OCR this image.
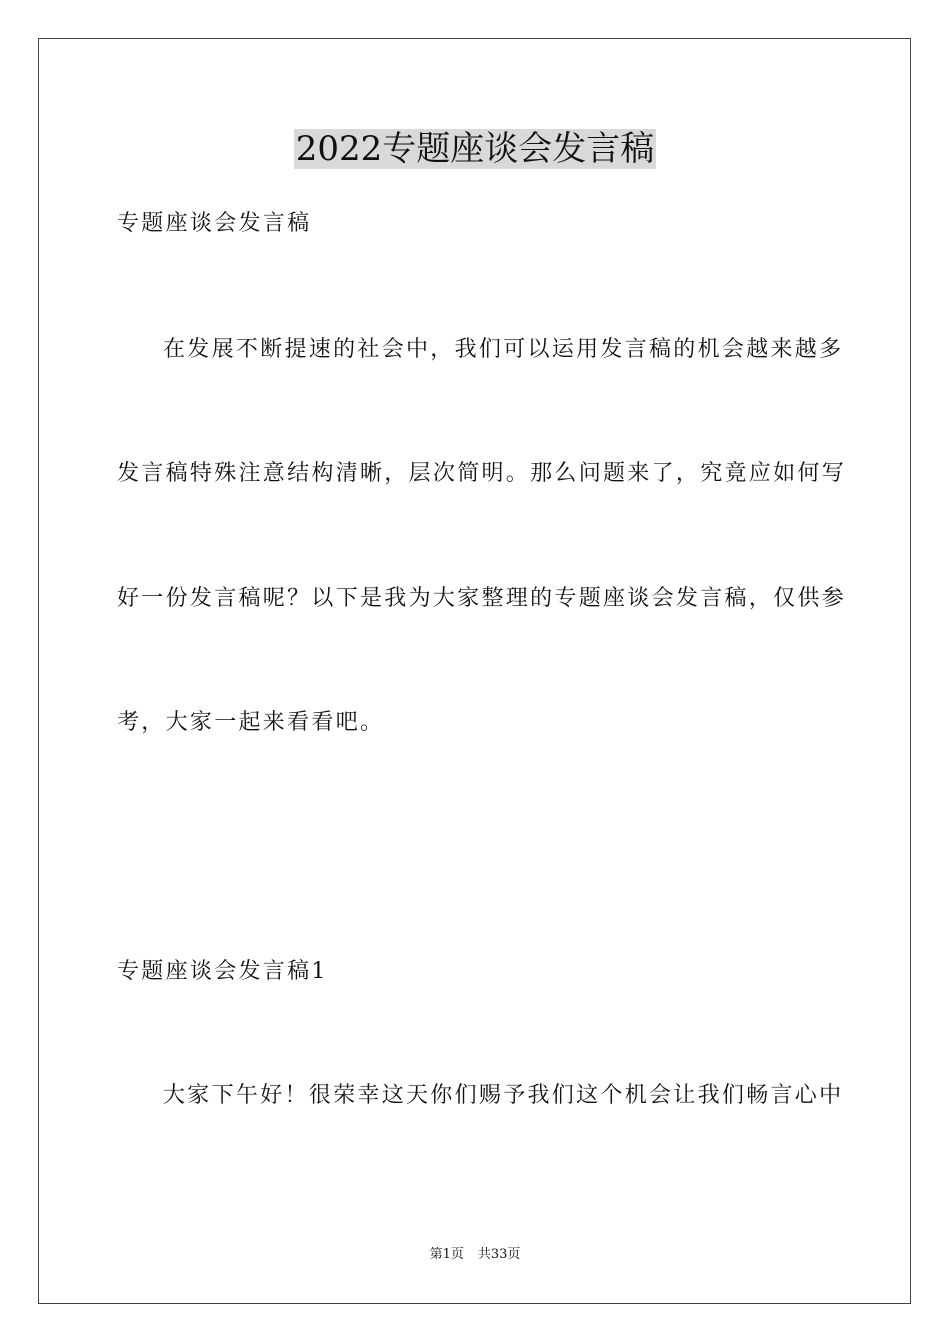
2022专题座谈会发言稿
专题座谈会发言稿
在发展不断提速的社会中，我们可以运用发言稿的机会越来越多
发言稿特殊注意结构清晰，层次简明。那么问题来了，究竟应如何写
好一份发言稿呢？以下是我为大家整理的专题座谈会发言稿，仅供参
考，大家一起来看看吧。
专题座谈会发言稿1
大家下午好！很荣幸这天你们赐予我们这个机会让我们畅言心中
第1页 共33页
